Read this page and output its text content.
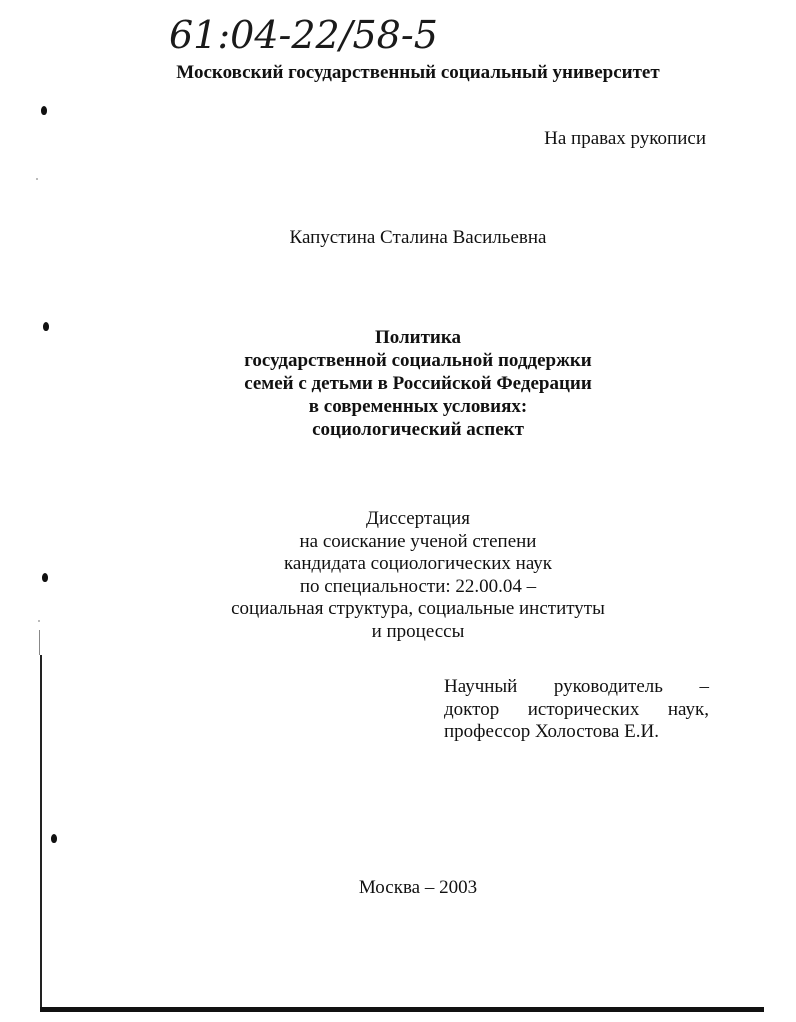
61:04-22/58-5
Московский государственный социальный университет
На правах рукописи
Капустина Сталина Васильевна
Политика
государственной социальной поддержки
семей с детьми в Российской Федерации
в современных условиях:
социологический аспект
Диссертация
на соискание ученой степени
кандидата социологических наук
по специальности: 22.00.04 –
социальная структура, социальные институты
и процессы
Научный руководитель –
доктор исторических наук,
профессор Холостова Е.И.
Москва – 2003
